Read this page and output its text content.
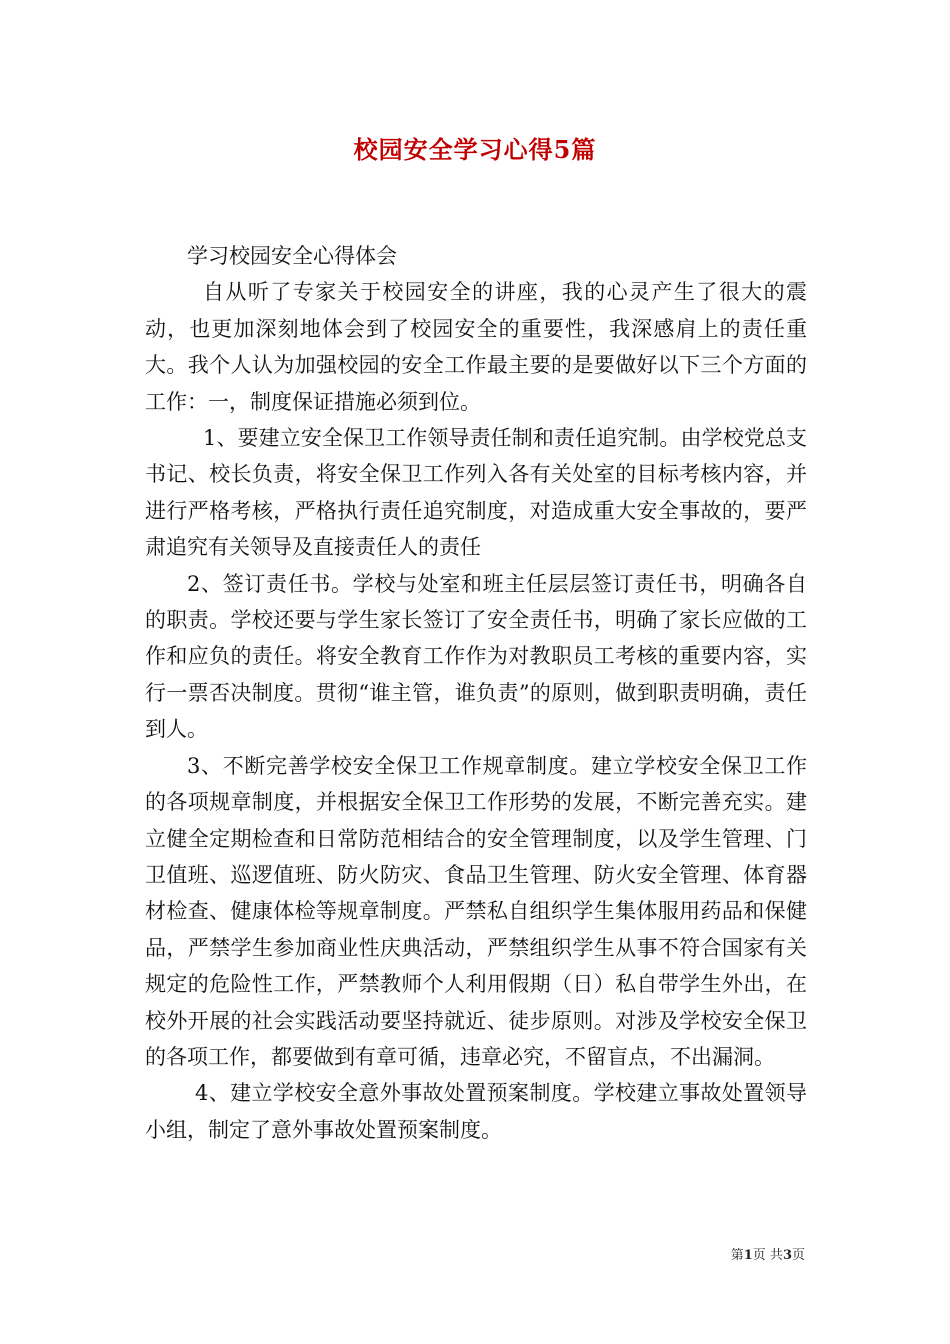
校园安全学习心得5篇

学习校园安全心得体会

自从听了专家关于校园安全的讲座，我的心灵产生了很大的震动，也更加深刻地体会到了校园安全的重要性，我深感肩上的责任重大。我个人认为加强校园的安全工作最主要的是要做好以下三个方面的工作：一，制度保证措施必须到位。

1、要建立安全保卫工作领导责任制和责任追究制。由学校党总支书记、校长负责，将安全保卫工作列入各有关处室的目标考核内容，并进行严格考核，严格执行责任追究制度，对造成重大安全事故的，要严肃追究有关领导及直接责任人的责任

2、签订责任书。学校与处室和班主任层层签订责任书，明确各自的职责。学校还要与学生家长签订了安全责任书，明确了家长应做的工作和应负的责任。将安全教育工作作为对教职员工考核的重要内容，实行一票否决制度。贯彻“谁主管，谁负责”的原则，做到职责明确，责任到人。

3、不断完善学校安全保卫工作规章制度。建立学校安全保卫工作的各项规章制度，并根据安全保卫工作形势的发展，不断完善充实。建立健全定期检查和日常防范相结合的安全管理制度，以及学生管理、门卫值班、巡逻值班、防火防灾、食品卫生管理、防火安全管理、体育器材检查、健康体检等规章制度。严禁私自组织学生集体服用药品和保健品，严禁学生参加商业性庆典活动，严禁组织学生从事不符合国家有关规定的危险性工作，严禁教师个人利用假期（日）私自带学生外出，在校外开展的社会实践活动要坚持就近、徒步原则。对涉及学校安全保卫的各项工作，都要做到有章可循，违章必究，不留盲点，不出漏洞。

4、建立学校安全意外事故处置预案制度。学校建立事故处置领导小组，制定了意外事故处置预案制度。

第1页 共3页
